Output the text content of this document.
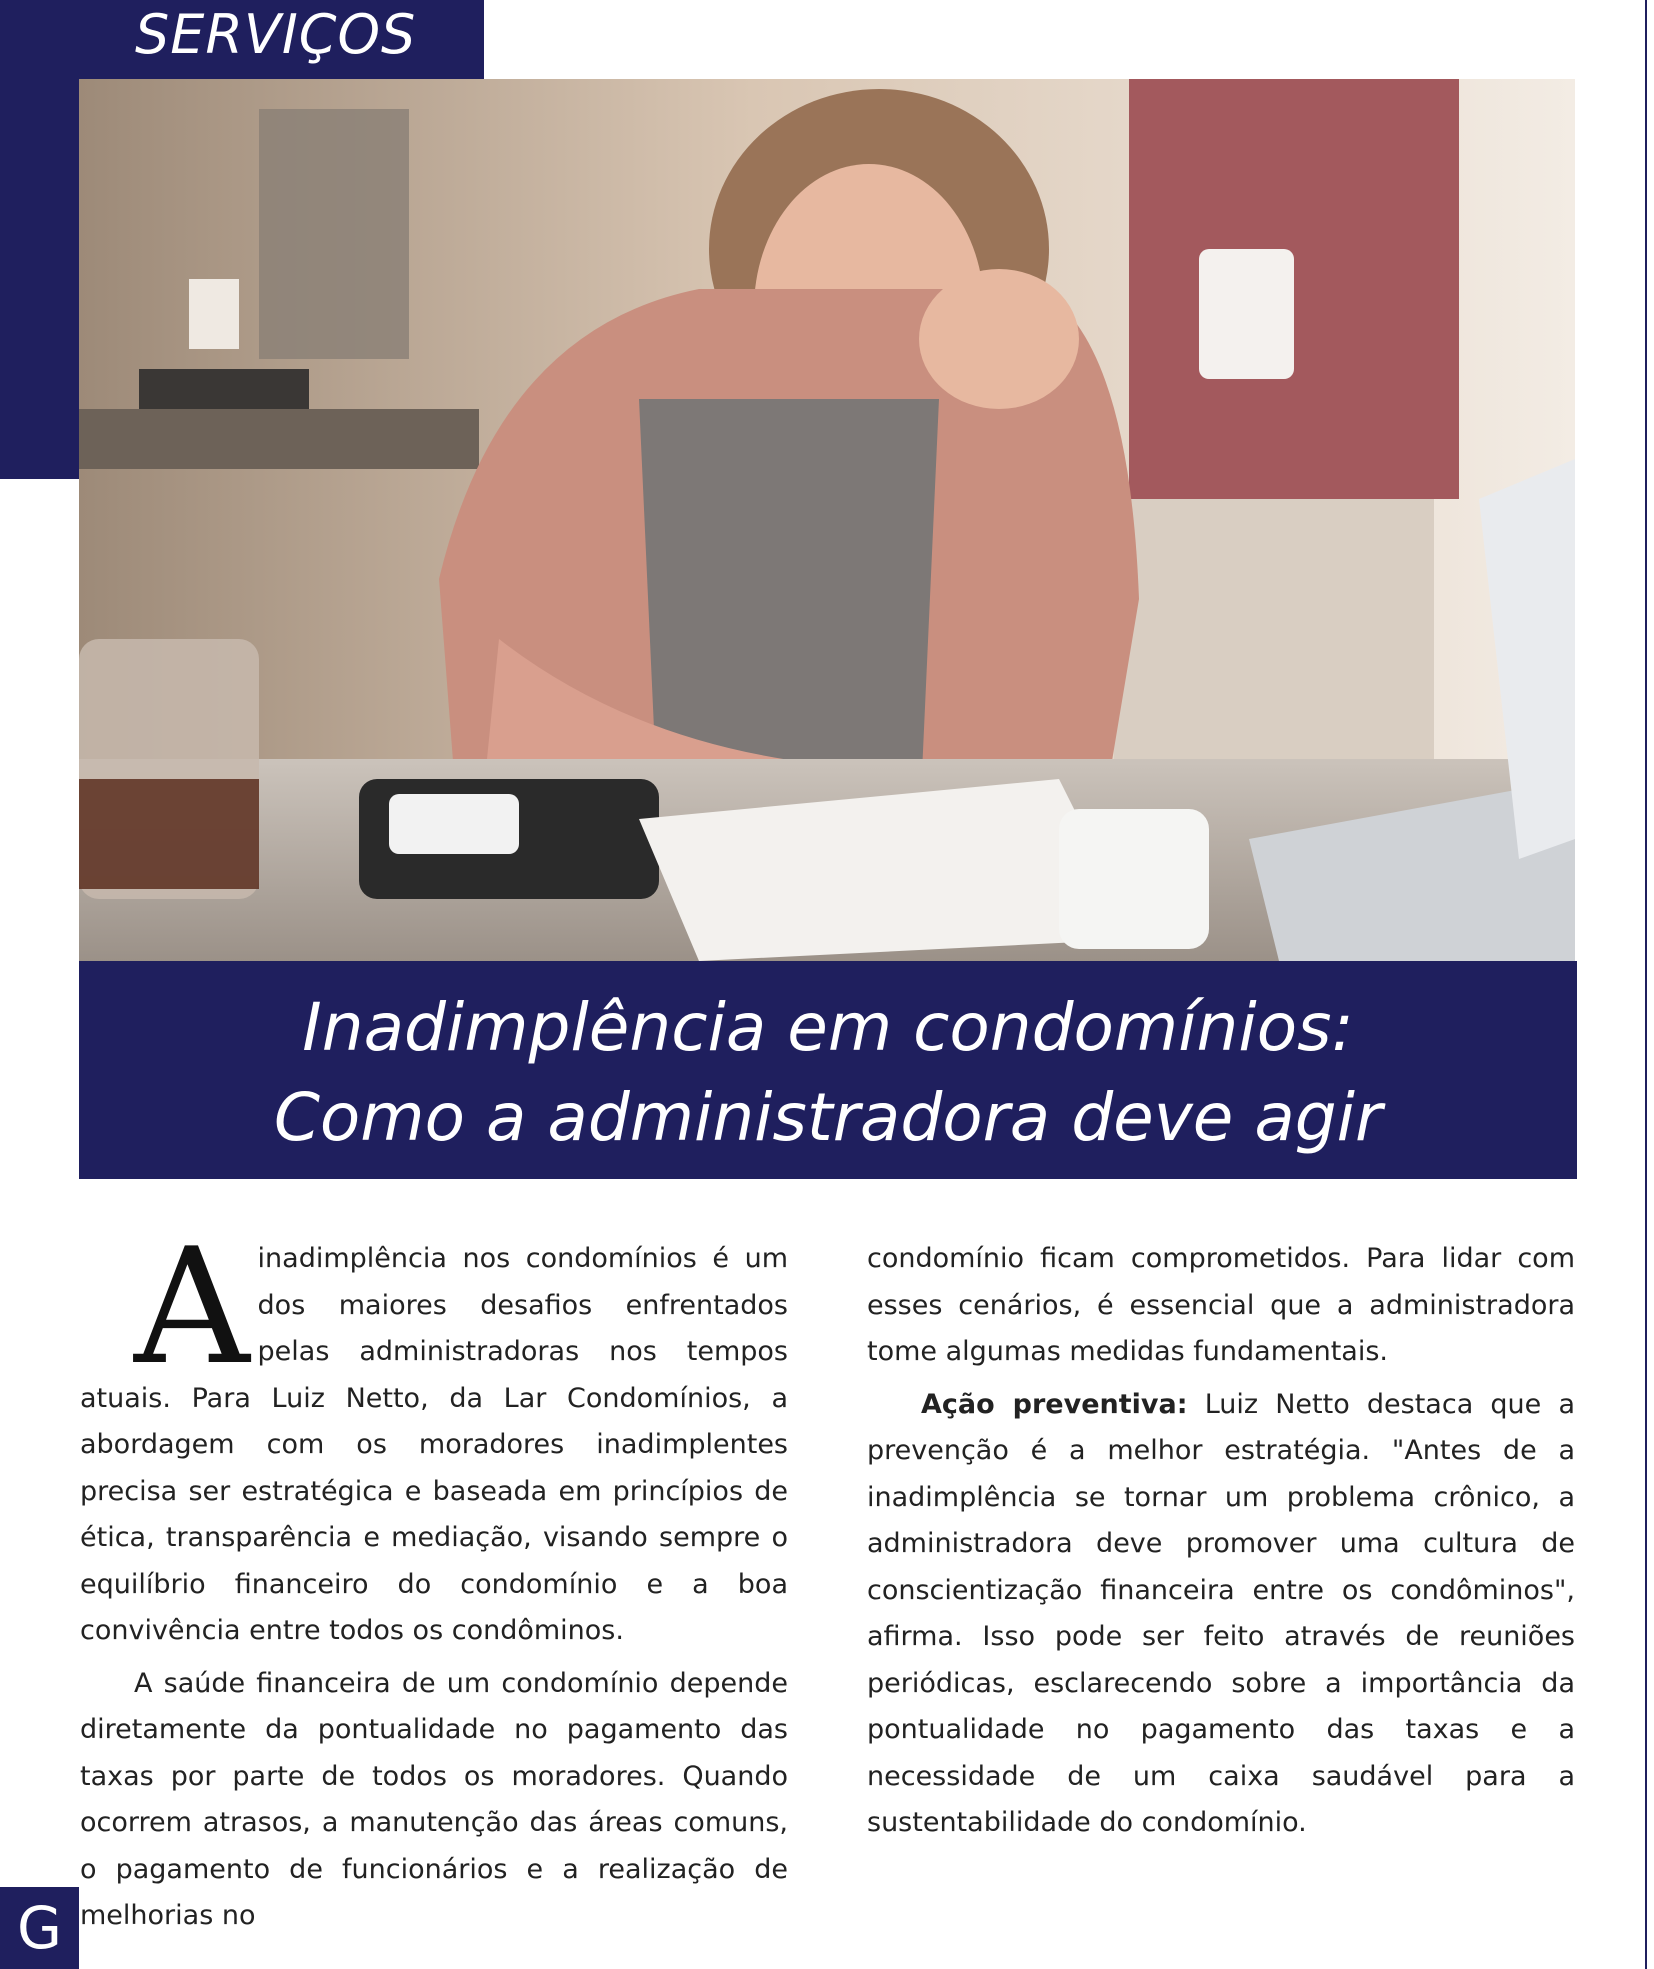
SERVIÇOS
Inadimplência em condomínios:
Como a administradora deve agir

Ainadimplência nos condomínios é um dos maiores desafios enfrentados pelas administradoras nos tempos atuais. Para Luiz Netto, da Lar Condomínios, a abordagem com os moradores inadimplentes precisa ser estratégica e baseada em princípios de ética, transparência e mediação, visando sempre o equilíbrio financeiro do condomínio e a boa convivência entre todos os condôminos.

A saúde financeira de um condomínio depende diretamente da pontualidade no pagamento das taxas por parte de todos os moradores. Quando ocorrem atrasos, a manutenção das áreas comuns, o pagamento de funcionários e a realização de melhorias no

condomínio ficam comprometidos. Para lidar com esses cenários, é essencial que a administradora tome algumas medidas fundamentais.

Ação preventiva: Luiz Netto destaca que a prevenção é a melhor estratégia. "Antes de a inadimplência se tornar um problema crônico, a administradora deve promover uma cultura de conscientização financeira entre os condôminos", afirma. Isso pode ser feito através de reuniões periódicas, esclarecendo sobre a importância da pontualidade no pagamento das taxas e a necessidade de um caixa saudável para a sustentabilidade do condomínio.

G
